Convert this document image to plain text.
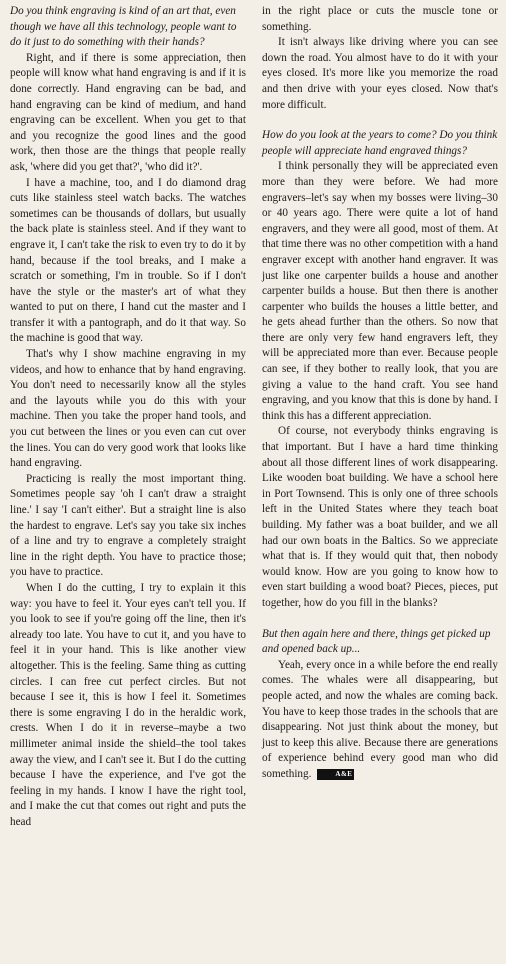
Do you think engraving is kind of an art that, even though we have all this technology, people want to do it just to do something with their hands?

Right, and if there is some appreciation, then people will know what hand engraving is and if it is done correctly. Hand engraving can be bad, and hand engraving can be kind of medium, and hand engraving can be excellent. When you get to that and you recognize the good lines and the good work, then those are the things that people really ask, 'where did you get that?', 'who did it?'.

I have a machine, too, and I do diamond drag cuts like stainless steel watch backs. The watches sometimes can be thousands of dollars, but usually the back plate is stainless steel. And if they want to engrave it, I can't take the risk to even try to do it by hand, because if the tool breaks, and I make a scratch or something, I'm in trouble. So if I don't have the style or the master's art of what they wanted to put on there, I hand cut the master and I transfer it with a pantograph, and do it that way. So the machine is good that way.

That's why I show machine engraving in my videos, and how to enhance that by hand engraving. You don't need to necessarily know all the styles and the layouts while you do this with your machine. Then you take the proper hand tools, and you cut between the lines or you even can cut over the lines. You can do very good work that looks like hand engraving.

Practicing is really the most important thing. Sometimes people say 'oh I can't draw a straight line.' I say 'I can't either'. But a straight line is also the hardest to engrave. Let's say you take six inches of a line and try to engrave a completely straight line in the right depth. You have to practice those; you have to practice.

When I do the cutting, I try to explain it this way: you have to feel it. Your eyes can't tell you. If you look to see if you're going off the line, then it's already too late. You have to cut it, and you have to feel it in your hand. This is like another view altogether. This is the feeling. Same thing as cutting circles. I can free cut perfect circles. But not because I see it, this is how I feel it. Sometimes there is some engraving I do in the heraldic work, crests. When I do it in reverse–maybe a two millimeter animal inside the shield–the tool takes away the view, and I can't see it. But I do the cutting because I have the experience, and I've got the feeling in my hands. I know I have the right tool, and I make the cut that comes out right and puts the head

in the right place or cuts the muscle tone or something.

It isn't always like driving where you can see down the road. You almost have to do it with your eyes closed. It's more like you memorize the road and then drive with your eyes closed. Now that's more difficult.

How do you look at the years to come? Do you think people will appreciate hand engraved things?

I think personally they will be appreciated even more than they were before. We had more engravers–let's say when my bosses were living–30 or 40 years ago. There were quite a lot of hand engravers, and they were all good, most of them. At that time there was no other competition with a hand engraver except with another hand engraver. It was just like one carpenter builds a house and another carpenter builds a house. But then there is another carpenter who builds the houses a little better, and he gets ahead further than the others. So now that there are only very few hand engravers left, they will be appreciated more than ever. Because people can see, if they bother to really look, that you are giving a value to the hand craft. You see hand engraving, and you know that this is done by hand. I think this has a different appreciation.

Of course, not everybody thinks engraving is that important. But I have a hard time thinking about all those different lines of work disappearing. Like wooden boat building. We have a school here in Port Townsend. This is only one of three schools left in the United States where they teach boat building. My father was a boat builder, and we all had our own boats in the Baltics. So we appreciate what that is. If they would quit that, then nobody would know. How are you going to know how to even start building a wood boat? Pieces, pieces, put together, how do you fill in the blanks?

But then again here and there, things get picked up and opened back up...

Yeah, every once in a while before the end really comes. The whales were all disappearing, but people acted, and now the whales are coming back. You have to keep those trades in the schools that are disappearing. Not just think about the money, but just to keep this alive. Because there are generations of experience behind every good man who did something.	A&E
